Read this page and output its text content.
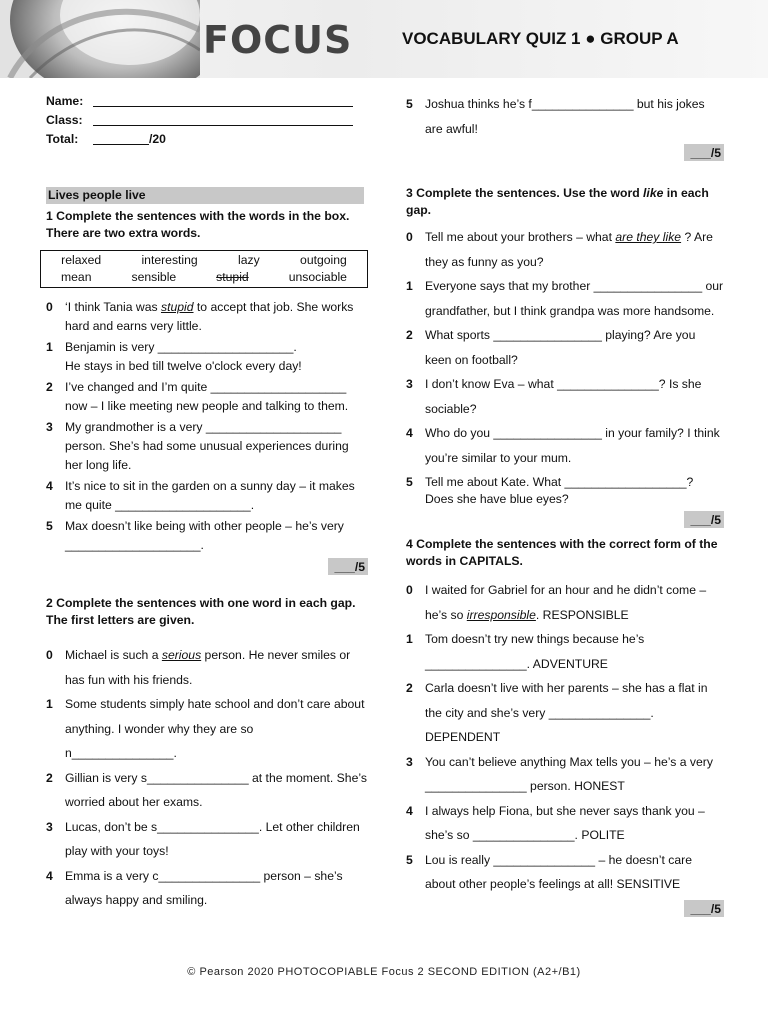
FOCUS	VOCABULARY QUIZ 1 ● GROUP A
Name:
Class:
Total:	/20
Lives people live
1 Complete the sentences with the words in the box. There are two extra words.
relaxed	interesting	lazy	outgoing
mean	sensible	stupid	unsociable
0	‘I think Tania was stupid to accept that job. She works hard and earns very little.
1	Benjamin is very ____________________.
He stays in bed till twelve o'clock every day!
2	I’ve changed and I’m quite ____________________ now – I like meeting new people and talking to them.
3	My grandmother is a very ____________________ person. She’s had some unusual experiences during her long life.
4	It’s nice to sit in the garden on a sunny day – it makes me quite ____________________.
5	Max doesn’t like being with other people – he’s very ____________________.
___/5
2 Complete the sentences with one word in each gap. The first letters are given.
0	Michael is such a serious person. He never smiles or has fun with his friends.
1	Some students simply hate school and don’t care about anything. I wonder why they are so n_______________.
2	Gillian is very s_______________ at the moment. She’s worried about her exams.
3	Lucas, don’t be s_______________. Let other children play with your toys!
4	Emma is a very c_______________ person – she’s always happy and smiling.
5	Joshua thinks he’s f_______________ but his jokes are awful!
___/5
3 Complete the sentences. Use the word like in each gap.
0	Tell me about your brothers – what are they like ? Are they as funny as you?
1	Everyone says that my brother ________________ our grandfather, but I think grandpa was more handsome.
2	What sports ________________ playing? Are you keen on football?
3	I don’t know Eva – what _______________? Is she sociable?
4	Who do you ________________ in your family? I think you’re similar to your mum.
5	Tell me about Kate. What __________________? Does she have blue eyes?
___/5
4 Complete the sentences with the correct form of the words in CAPITALS.
0	I waited for Gabriel for an hour and he didn’t come – he’s so irresponsible. RESPONSIBLE
1	Tom doesn’t try new things because he’s _______________. ADVENTURE
2	Carla doesn’t live with her parents – she has a flat in the city and she’s very _______________. DEPENDENT
3	You can’t believe anything Max tells you – he’s a very _______________ person. HONEST
4	I always help Fiona, but she never says thank you – she’s so _______________. POLITE
5	Lou is really _______________ – he doesn’t care about other people’s feelings at all! SENSITIVE
___/5
© Pearson 2020 PHOTOCOPIABLE Focus 2 SECOND EDITION (A2+/B1)
